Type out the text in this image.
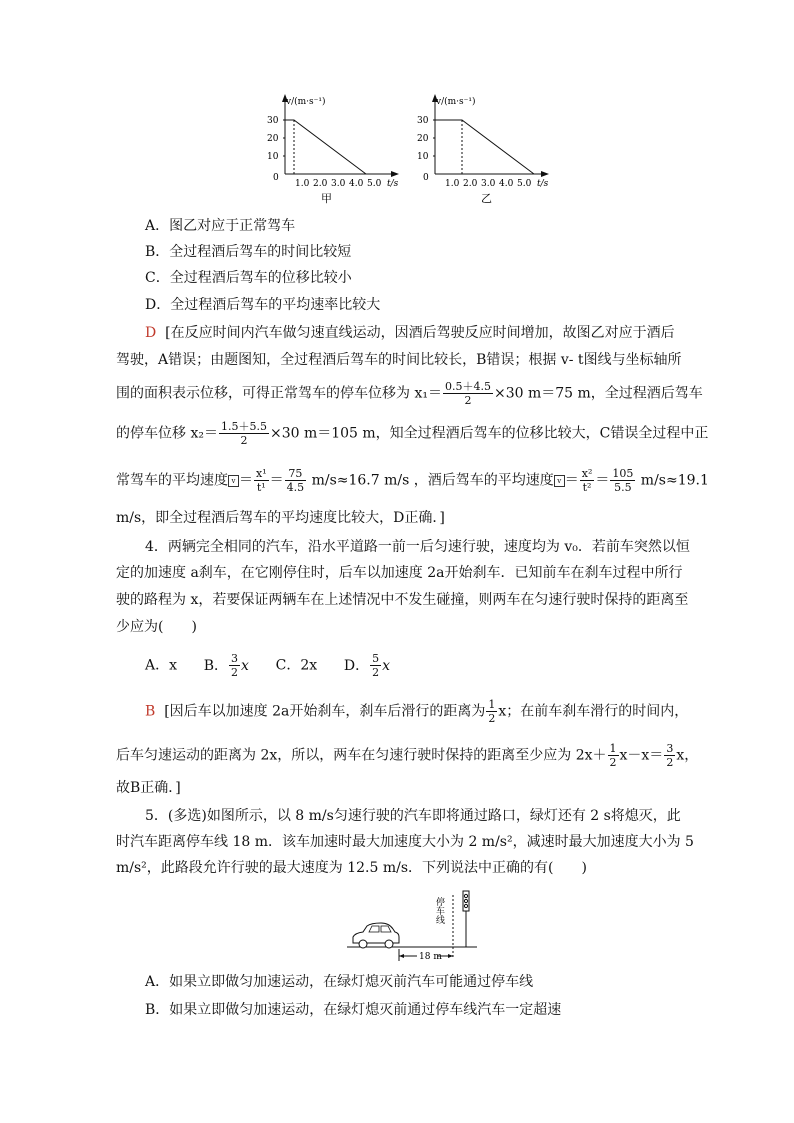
v/(m·s⁻¹)
30
20
10
0
1.0 2.0 3.0 4.0 5.0 t/s
甲
v/(m·s⁻¹)
30
20
10
0
1.0 2.0 3.0 4.0 5.0 t/s
乙
A．图乙对应于正常驾车
B．全过程酒后驾车的时间比较短
C．全过程酒后驾车的位移比较小
D．全过程酒后驾车的平均速率比较大
D [在反应时间内汽车做匀速直线运动，因酒后驾驶反应时间增加，故图乙对应于酒后
驾驶，A错误；由题图知，全过程酒后驾车的时间比较长，B错误；根据 v- t图线与坐标轴所
围的面积表示位移，可得正常驾车的停车位移为 $x_1= \frac{0.5+4.5}{2} \times 30$ m＝75 m，全过程酒后驾车
的停车位移 $x_2= \frac{1.5+5.5}{2} \times 30$ m＝105 m，知全过程酒后驾车的位移比较大，C错误全过程中正
常驾车的平均速度 $v = \frac{\text{x¹}}{\text{t¹}} = \frac{75}{4.5} m/s\approx 16.7$ m/s ，酒后驾车的平均速度 $v = \frac{\text{x²}}{\text{t²}} = \frac{105}{5.5} m/s\approx 19.1$
m/s，即全过程酒后驾车的平均速度比较大，D正确．]
4．两辆完全相同的汽车，沿水平道路一前一后匀速行驶，速度均为 v₀．若前车突然以恒
定的加速度 a刹车，在它刚停住时，后车以加速度 2a开始刹车．已知前车在刹车过程中所行
驶的路程为 x，若要保证两辆车在上述情况中不发生碰撞，则两车在匀速行驶时保持的距离至
少应为(　　)
A．x B． $\frac{3}{2}$ x C．2x D． $\frac{5}{2}$ x
B [因后车以加速度 2a开始刹车，刹车后滑行的距离为 $\frac{1}{2}$ x；在前车刹车滑行的时间内，
后车匀速运动的距离为 2x，所以，两车在匀速行驶时保持的距离至少应为 $2x+ \frac{1}{2} x-x= \frac{3}{2}$ x，
故B正确．]
5．(多选)如图所示，以 8 m/s匀速行驶的汽车即将通过路口，绿灯还有 2 s将熄灭，此
时汽车距离停车线 18 m．该车加速时最大加速度大小为 2 m/s²，减速时最大加速度大小为 5
m/s²，此路段允许行驶的最大速度为 12.5 m/s．下列说法中正确的有(　　)
停车线
18 m
A．如果立即做匀加速运动，在绿灯熄灭前汽车可能通过停车线
B．如果立即做匀加速运动，在绿灯熄灭前通过停车线汽车一定超速
